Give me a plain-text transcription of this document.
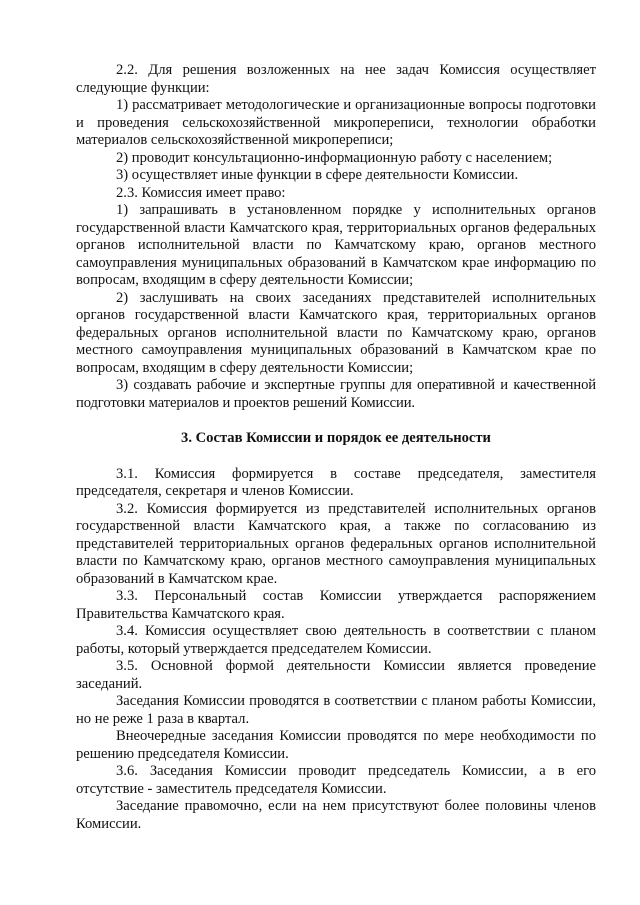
2.2. Для решения возложенных на нее задач Комиссия осуществляет следующие функции:

1) рассматривает методологические и организационные вопросы подготовки и проведения сельскохозяйственной микропереписи, технологии обработки материалов сельскохозяйственной микропереписи;

2) проводит консультационно-информационную работу с населением;

3) осуществляет иные функции в сфере деятельности Комиссии.

2.3. Комиссия имеет право:

1) запрашивать в установленном порядке у исполнительных органов государственной власти Камчатского края, территориальных органов федеральных органов исполнительной власти по Камчатскому краю, органов местного самоуправления муниципальных образований в Камчатском крае информацию по вопросам, входящим в сферу деятельности Комиссии;

2) заслушивать на своих заседаниях представителей исполнительных органов государственной власти Камчатского края, территориальных органов федеральных органов исполнительной власти по Камчатскому краю, органов местного самоуправления муниципальных образований в Камчатском крае по вопросам, входящим в сферу деятельности Комиссии;

3) создавать рабочие и экспертные группы для оперативной и качественной подготовки материалов и проектов решений Комиссии.

3. Состав Комиссии и порядок ее деятельности

3.1. Комиссия формируется в составе председателя, заместителя председателя, секретаря и членов Комиссии.

3.2. Комиссия формируется из представителей исполнительных органов государственной власти Камчатского края, а также по согласованию из представителей территориальных органов федеральных органов исполнительной власти по Камчатскому краю, органов местного самоуправления муниципальных образований в Камчатском крае.

3.3. Персональный состав Комиссии утверждается распоряжением Правительства Камчатского края.

3.4. Комиссия осуществляет свою деятельность в соответствии с планом работы, который утверждается председателем Комиссии.

3.5. Основной формой деятельности Комиссии является проведение заседаний.

Заседания Комиссии проводятся в соответствии с планом работы Комиссии, но не реже 1 раза в квартал.

Внеочередные заседания Комиссии проводятся по мере необходимости по решению председателя Комиссии.

3.6. Заседания Комиссии проводит председатель Комиссии, а в его отсутствие - заместитель председателя Комиссии.

Заседание правомочно, если на нем присутствуют более половины членов Комиссии.
